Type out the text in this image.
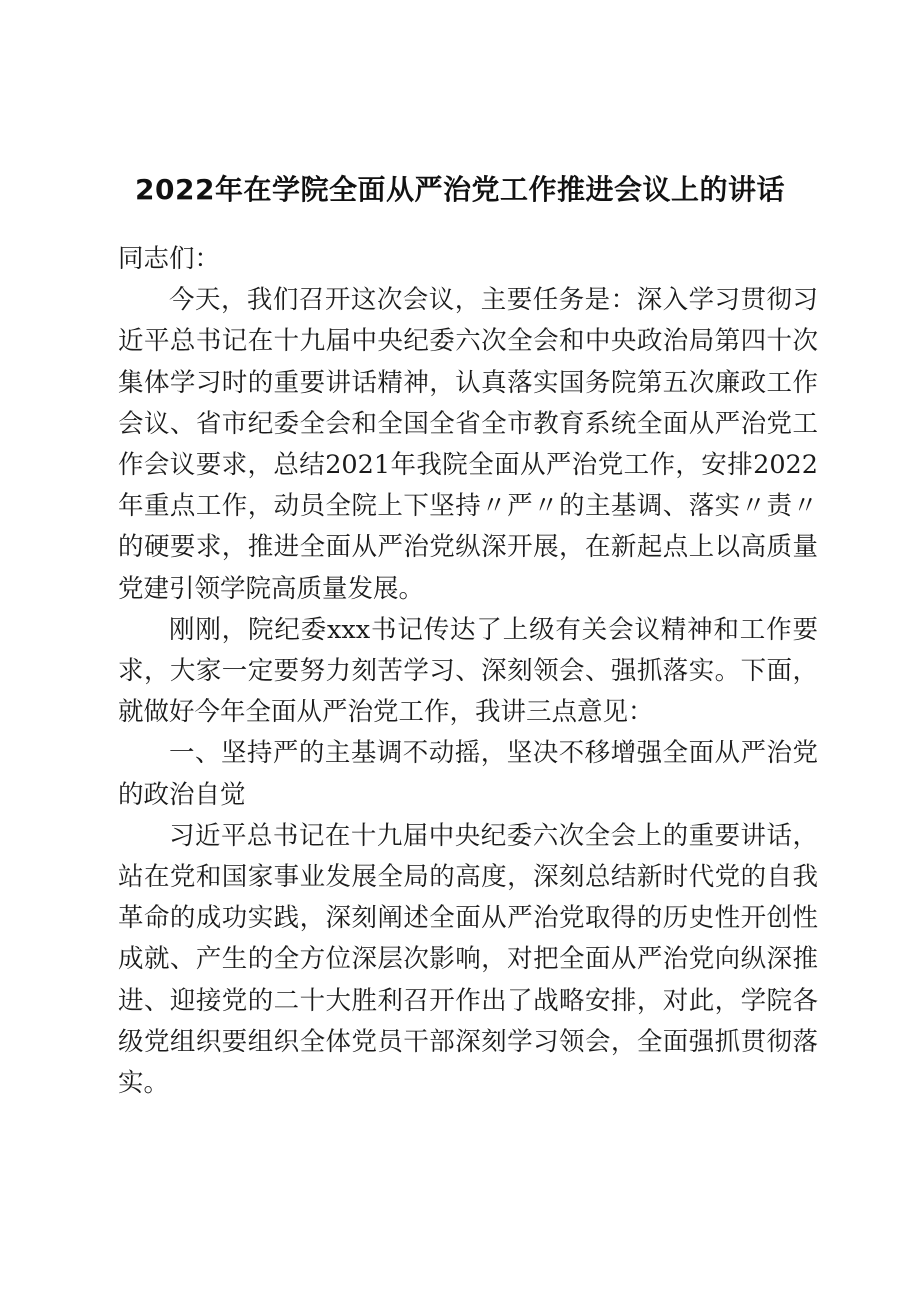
2022年在学院全面从严治党工作推进会议上的讲话

同志们：

今天，我们召开这次会议，主要任务是：深入学习贯彻习近平总书记在十九届中央纪委六次全会和中央政治局第四十次集体学习时的重要讲话精神，认真落实国务院第五次廉政工作会议、省市纪委全会和全国全省全市教育系统全面从严治党工作会议要求，总结2021年我院全面从严治党工作，安排2022年重点工作，动员全院上下坚持〃严〃的主基调、落实〃责〃的硬要求，推进全面从严治党纵深开展，在新起点上以高质量党建引领学院高质量发展。

刚刚，院纪委xxx书记传达了上级有关会议精神和工作要求，大家一定要努力刻苦学习、深刻领会、强抓落实。下面，就做好今年全面从严治党工作，我讲三点意见：

一、坚持严的主基调不动摇，坚决不移增强全面从严治党的政治自觉

习近平总书记在十九届中央纪委六次全会上的重要讲话，站在党和国家事业发展全局的高度，深刻总结新时代党的自我革命的成功实践，深刻阐述全面从严治党取得的历史性开创性成就、产生的全方位深层次影响，对把全面从严治党向纵深推进、迎接党的二十大胜利召开作出了战略安排，对此，学院各级党组织要组织全体党员干部深刻学习领会，全面强抓贯彻落实。
